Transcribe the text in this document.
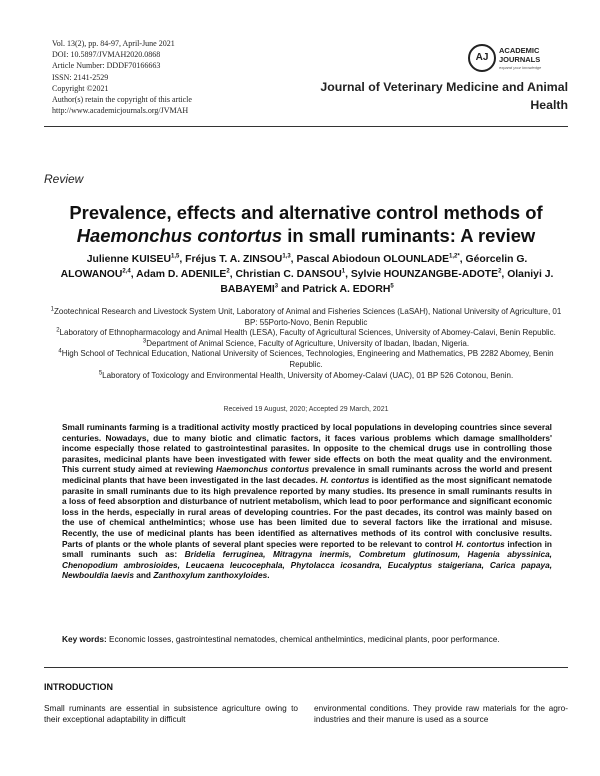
Vol. 13(2), pp. 84-97, April-June 2021
DOI: 10.5897/JVMAH2020.0868
Article Number: DDDF70166663
ISSN: 2141-2529
Copyright ©2021
Author(s) retain the copyright of this article
http://www.academicjournals.org/JVMAH
AJ
ACADEMIC
JOURNALS
expand your knowledge
Journal of Veterinary Medicine and Animal Health
Review
Prevalence, effects and alternative control methods of
Haemonchus contortus in small ruminants: A review
Julienne KUISEU$^{1,5}$, Fréjus T. A. ZINSOU$^{1,3}$, Pascal Abiodoun $OLOUNLADE^{1,2*}$, Géorcelin G. ALOWANOU$^{2,4}$, Adam D. ADENILE$^2$, Christian C. DANSOU$^1$, Sylvie HOUNZANGBE-ADOTE$^2$, Olaniyi J. BABAYEMI$^3$ and Patrick A. EDORH$^5$

$^1$Zootechnical Research and Livestock System Unit, Laboratory of Animal and Fisheries Sciences (LaSAH), National University of Agriculture, 01 BP: 55Porto-Novo, Benin Republic

$^2$Laboratory of Ethnopharmacology and Animal Health (LESA), Faculty of Agricultural Sciences, University of Abomey-Calavi, Benin Republic.

$^3$Department of Animal Science, Faculty of Agriculture, University of Ibadan, Ibadan, Nigeria.

$^4$High School of Technical Education, National University of Sciences, Technologies, Engineering and Mathematics, PB 2282 Abomey, Benin Republic.

$^5$Laboratory of Toxicology and Environmental Health, University of Abomey-Calavi (UAC), 01 BP 526 Cotonou, Benin.

Received 19 August, 2020; Accepted 29 March, 2021

Small ruminants farming is a traditional activity mostly practiced by local populations in developing countries since several centuries. Nowadays, due to many biotic and climatic factors, it faces various problems which damage smallholders' income especially those related to gastrointestinal parasites. In opposite to the chemical drugs use in controlling those parasites, medicinal plants have been investigated with fewer side effects on both the meat quality and the environment. This current study aimed at reviewing Haemonchus contortus prevalence in small ruminants across the world and present medicinal plants that have been investigated in the last decades. H. contortus is identified as the most significant nematode parasite in small ruminants due to its high prevalence reported by many studies. Its presence in small ruminants results in a loss of feed absorption and disturbance of nutrient metabolism, which lead to poor performance and significant economic loss in the herds, especially in rural areas of developing countries. For the past decades, its control was mainly based on the use of chemical anthelmintics; whose use has been limited due to several factors like the irrational and misuse. Recently, the use of medicinal plants has been identified as alternatives methods of its control with conclusive results. Parts of plants or the whole plants of several plant species were reported to be relevant to control H. contortus infection in small ruminants such as: Bridelia ferruginea, Mitragyna inermis, Combretum glutinosum, Hagenia abyssinica, Chenopodium ambrosioides, Leucaena leucocephala, Phytolacca icosandra, Eucalyptus staigeriana, Carica papaya, Newbouldia laevis and Zanthoxylum zanthoxyloides.

Key words: Economic losses, gastrointestinal nematodes, chemical anthelmintics, medicinal plants, poor performance.
INTRODUCTION
Small ruminants are essential in subsistence agriculture owing to their exceptional adaptability in difficult
environmental conditions. They provide raw materials for the agro-industries and their manure is used as a source
